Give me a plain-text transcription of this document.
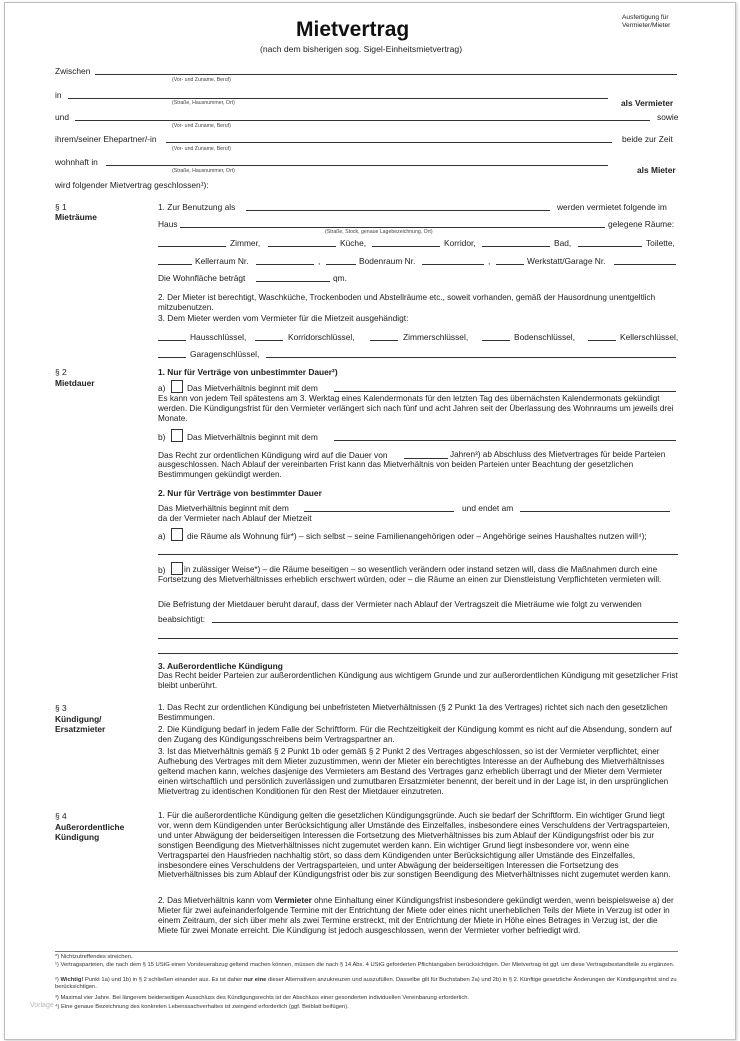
Mietvertrag
(nach dem bisherigen sog. Sigel-Einheitsmietvertrag)
Ausfertigung für
Vermieter/Mieter
Zwischen
(Vor- und Zuname, Beruf)
in
(Straße, Hausnummer, Ort)	als Vermieter
und	sowie
(Vor- und Zuname, Beruf)
ihrem/seiner Ehepartner/-in	beide zur Zeit
(Vor- und Zuname, Beruf)
wohnhaft in
(Straße, Hausnummer, Ort)	als Mieter
wird folgender Mietvertrag geschlossen¹):
§ 1
Mieträume
1. Zur Benutzung als	werden vermietet folgende im
Haus	gelegene Räume:
(Straße, Stock, genaue Lagebezeichnung, Ort)
Zimmer,	Küche,	Korridor,	Bad,	Toilette,
Kellerraum Nr.	,	Bodenraum Nr.	,	Werkstatt/Garage Nr.
Die Wohnfläche beträgt	qm.
2. Der Mieter ist berechtigt, Waschküche, Trockenboden und Abstellräume etc., soweit vorhanden, gemäß der Hausordnung unentgeltlich mitzubenutzen.
3. Dem Mieter werden vom Vermieter für die Mietzeit ausgehändigt:
Hausschlüssel,	Korridorschlüssel,	Zimmerschlüssel,	Bodenschlüssel,	Kellerschlüssel,
Garagenschlüssel,
§ 2
Mietdauer
1. Nur für Verträge von unbestimmter Dauer²)
a)	Das Mietverhältnis beginnt mit dem
Es kann von jedem Teil spätestens am 3. Werktag eines Kalendermonats für den letzten Tag des übernächsten Kalendermonats gekündigt werden. Die Kündigungsfrist für den Vermieter verlängert sich nach fünf und acht Jahren seit der Überlassung des Wohnraums um jeweils drei Monate.
b)	Das Mietverhältnis beginnt mit dem
Das Recht zur ordentlichen Kündigung wird auf die Dauer von	Jahren³) ab Abschluss des Mietvertrages für beide Parteien ausgeschlossen. Nach Ablauf der vereinbarten Frist kann das Mietverhältnis von beiden Parteien unter Beachtung der gesetzlichen Bestimmungen gekündigt werden.
2. Nur für Verträge von bestimmter Dauer
Das Mietverhältnis beginnt mit dem	und endet am
da der Vermieter nach Ablauf der Mietzeit
a)	die Räume als Wohnung für*) – sich selbst – seine Familienangehörigen oder – Angehörige seines Haushaltes nutzen will⁴);
b)	in zulässiger Weise*) – die Räume beseitigen – so wesentlich verändern oder instand setzen will, dass die Maßnahmen durch eine Fortsetzung des Mietverhältnisses erheblich erschwert würden, oder – die Räume an einen zur Dienstleistung Verpflichteten vermieten will.
Die Befristung der Mietdauer beruht darauf, dass der Vermieter nach Ablauf der Vertragszeit die Mieträume wie folgt zu verwenden
beabsichtigt:
3. Außerordentliche Kündigung
Das Recht beider Parteien zur außerordentlichen Kündigung aus wichtigem Grunde und zur außerordentlichen Kündigung mit gesetzlicher Frist bleibt unberührt.
§ 3
Kündigung/
Ersatzmieter
1. Das Recht zur ordentlichen Kündigung bei unbefristeten Mietverhältnissen (§ 2 Punkt 1a des Vertrages) richtet sich nach den gesetzlichen Bestimmungen.
2. Die Kündigung bedarf in jedem Falle der Schriftform. Für die Rechtzeitigkeit der Kündigung kommt es nicht auf die Absendung, sondern auf den Zugang des Kündigungsschreibens beim Vertragspartner an.
3. Ist das Mietverhältnis gemäß § 2 Punkt 1b oder gemäß § 2 Punkt 2 des Vertrages abgeschlossen, so ist der Vermieter verpflichtet, einer Aufhebung des Vertrages mit dem Mieter zuzustimmen, wenn der Mieter ein berechtigtes Interesse an der Aufhebung des Mietverhältnisses geltend machen kann, welches dasjenige des Vermieters am Bestand des Vertrages ganz erheblich überragt und der Mieter dem Vermieter einen wirtschaftlich und persönlich zuverlässigen und zumutbaren Ersatzmieter benennt, der bereit und in der Lage ist, in den ursprünglichen Mietvertrag zu identischen Konditionen für den Rest der Mietdauer einzutreten.
§ 4
Außerordentliche
Kündigung
1. Für die außerordentliche Kündigung gelten die gesetzlichen Kündigungsgründe. Auch sie bedarf der Schriftform. Ein wichtiger Grund liegt vor, wenn dem Kündigenden unter Berücksichtigung aller Umstände des Einzelfalles, insbesondere eines Verschuldens der Vertragsparteien, und unter Abwägung der beiderseitigen Interessen die Fortsetzung des Mietverhältnisses bis zum Ablauf der Kündigungsfrist oder bis zur sonstigen Beendigung des Mietverhältnisses nicht zugemutet werden kann. Ein wichtiger Grund liegt insbesondere vor, wenn eine Vertragspartei den Hausfrieden nachhaltig stört, so dass dem Kündigenden unter Berücksichtigung aller Umstände des Einzelfalles, insbesondere eines Verschuldens der Vertragsparteien, und unter Abwägung der beiderseitigen Interessen die Fortsetzung des Mietverhältnisses bis zum Ablauf der Kündigungsfrist oder bis zur sonstigen Beendigung des Mietverhältnisses nicht zugemutet werden kann.
2. Das Mietverhältnis kann vom Vermieter ohne Einhaltung einer Kündigungsfrist insbesondere gekündigt werden, wenn beispielsweise a) der Mieter für zwei aufeinanderfolgende Termine mit der Entrichtung der Miete oder eines nicht unerheblichen Teils der Miete in Verzug ist oder in einem Zeitraum, der sich über mehr als zwei Termine erstreckt, mit der Entrichtung der Miete in Höhe eines Betrages in Verzug ist, der die Miete für zwei Monate erreicht. Die Kündigung ist jedoch ausgeschlossen, wenn der Vermieter vorher befriedigt wird.
*) Nichtzutreffendes streichen.
¹) Vertragsparteien, die nach dem § 15 UStG einen Vorsteuerabzug geltend machen können, müssen die nach § 14 Abs. 4 UStG geforderten Pflichtangaben berücksichtigen. Der Mietvertrag ist ggf. um diese Vertragsbestandteile zu ergänzen.
²) Wichtig! Punkt 1a) und 1b) in § 2 schließen einander aus. Es ist daher nur eine dieser Alternativen anzukreuzen und auszufüllen. Dasselbe gilt für Buchstaben 2a) und 2b) in § 2. Künftige gesetzliche Änderungen der Kündigungsfrist sind zu berücksichtigen.
³) Maximal vier Jahre. Bei längerem beiderseitigen Ausschluss des Kündigungsrechts ist der Abschluss einer gesonderten individuellen Vereinbarung erforderlich.
⁴) Eine genaue Bezeichnung des konkreten Lebenssachverhaltes ist zwingend erforderlich (ggf. Beiblatt beifügen).
Vorlage
